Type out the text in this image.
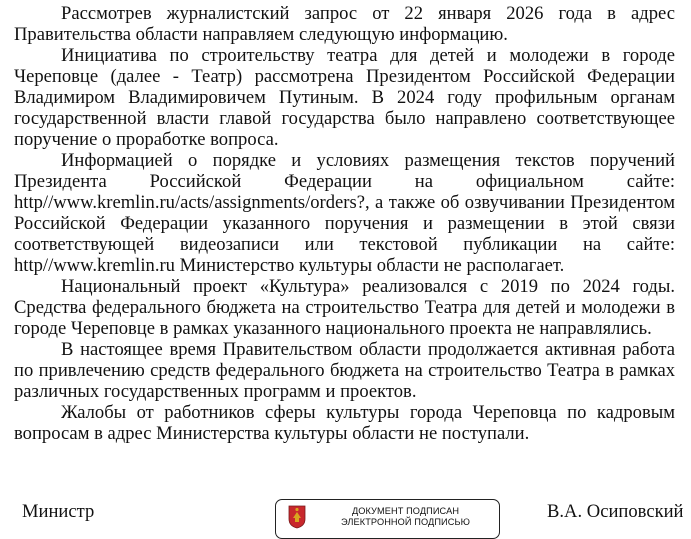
Рассмотрев журналистский запрос от 22 января 2026 года в адрес Правительства области направляем следующую информацию.

Инициатива по строительству театра для детей и молодежи в городе Череповце (далее - Театр) рассмотрена Президентом Российской Федерации Владимиром Владимировичем Путиным. В 2024 году профильным органам государственной власти главой государства было направлено соответствующее поручение о проработке вопроса.

Информацией о порядке и условиях размещения текстов поручений Президента Российской Федерации на официальном сайте: http//www.kremlin.ru/acts/assignments/orders?, а также об озвучивании Президентом Российской Федерации указанного поручения и размещении в этой связи соответствующей видеозаписи или текстовой публикации на сайте: http//www.kremlin.ru Министерство культуры области не располагает.

Национальный проект «Культура» реализовался с 2019 по 2024 годы. Средства федерального бюджета на строительство Театра для детей и молодежи в городе Череповце в рамках указанного национального проекта не направлялись.

В настоящее время Правительством области продолжается активная работа по привлечению средств федерального бюджета на строительство Театра в рамках различных государственных программ и проектов.

Жалобы от работников сферы культуры города Череповца по кадровым вопросам в адрес Министерства культуры области не поступали.

Министр	ДОКУМЕНТ ПОДПИСАН
ЭЛЕКТРОННОЙ ПОДПИСЬЮ	В.А. Осиповский
